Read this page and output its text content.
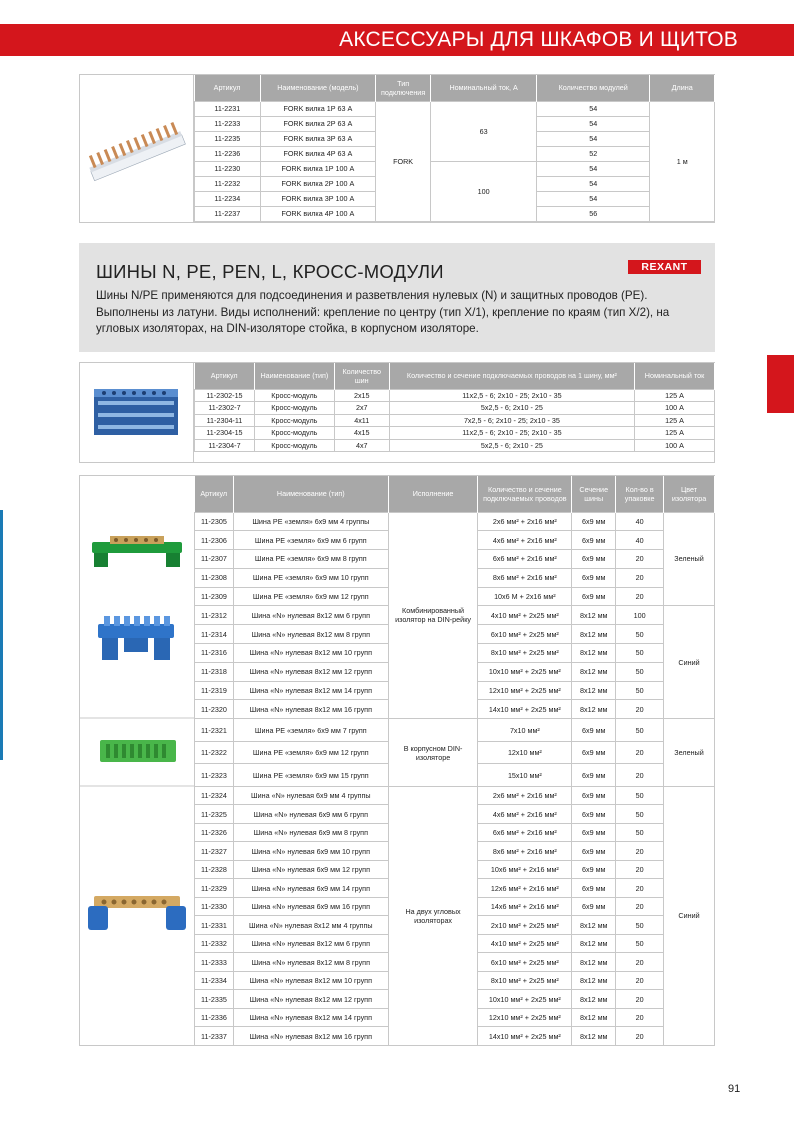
АКСЕССУАРЫ ДЛЯ ШКАФОВ И ЩИТОВ
Артикул	Наименование (модель)	Тип подключения	Номинальный ток, А	Количество модулей	Длина
11-2231	FORK вилка 1Р 63 А	FORK	63	54	1 м
11-2233	FORK вилка 2Р 63 А			54	
11-2235	FORK вилка 3Р 63 А			54	
11-2236	FORK вилка 4Р 63 А			52	
11-2230	FORK вилка 1Р 100 А		100	54	
11-2232	FORK вилка 2Р 100 А			54	
11-2234	FORK вилка 3Р 100 А			54	
11-2237	FORK вилка 4Р 100 А			56	
ШИНЫ N, PE, PEN, L, КРОСС-МОДУЛИ	REXANT

Шины N/PE применяются для подсоединения и разветвления нулевых (N) и защитных проводов (PE). Выполнены из латуни. Виды исполнений: крепление по центру (тип X/1), крепление по краям (тип X/2), на угловых изоляторах, на DIN-изоляторе стойка, в корпусном изоляторе.

Артикул	Наименование (тип)	Количество шин	Количество и сечение подключаемых проводов на 1 шину, мм²	Номинальный ток
11-2302-15	Кросс-модуль	2х15	11х2,5 - 6; 2х10 - 25; 2х10 - 35	125 А
11-2302-7	Кросс-модуль	2х7	5х2,5 - 6; 2х10 - 25	100 А
11-2304-11	Кросс-модуль	4х11	7х2,5 - 6; 2х10 - 25; 2х10 - 35	125 А
11-2304-15	Кросс-модуль	4х15	11х2,5 - 6; 2х10 - 25; 2х10 - 35	125 А
11-2304-7	Кросс-модуль	4х7	5х2,5 - 6; 2х10 - 25	100 А
Артикул	Наименование (тип)	Исполнение	Количество и сечение подключаемых проводов	Сечение шины	Кол-во в упаковке	Цвет изолятора
11-2305	Шина PE «земля» 6х9 мм 4 группы	Комбинированный изолятор на DIN-рейку	2х6 мм² + 2х16 мм²	6х9 мм	40	Зеленый
11-2306	Шина PE «земля» 6х9 мм 6 групп		4х6 мм² + 2х16 мм²	6х9 мм	40	
11-2307	Шина PE «земля» 6х9 мм 8 групп		6х6 мм² + 2х16 мм²	6х9 мм	20	
11-2308	Шина PE «земля» 6х9 мм 10 групп		8х6 мм² + 2х16 мм²	6х9 мм	20	
11-2309	Шина PE «земля» 6х9 мм 12 групп		10х6 М + 2х16 мм²	6х9 мм	20	
11-2312	Шина «N» нулевая 8х12 мм 6 групп		4х10 мм² + 2х25 мм²	8х12 мм	100	Синий
11-2314	Шина «N» нулевая 8х12 мм 8 групп		6х10 мм² + 2х25 мм²	8х12 мм	50	
11-2316	Шина «N» нулевая 8х12 мм 10 групп		8х10 мм² + 2х25 мм²	8х12 мм	50	
11-2318	Шина «N» нулевая 8х12 мм 12 групп		10х10 мм² + 2х25 мм²	8х12 мм	50	
11-2319	Шина «N» нулевая 8х12 мм 14 групп		12х10 мм² + 2х25 мм²	8х12 мм	50	
11-2320	Шина «N» нулевая 8х12 мм 16 групп		14х10 мм² + 2х25 мм²	8х12 мм	20	
11-2321	Шина PE «земля» 6х9 мм 7 групп	В корпусном DIN-изоляторе	7х10 мм²	6х9 мм	50	Зеленый
11-2322	Шина PE «земля» 6х9 мм 12 групп		12х10 мм²	6х9 мм	20	
11-2323	Шина PE «земля» 6х9 мм 15 групп		15х10 мм²	6х9 мм	20	
11-2324	Шина «N» нулевая 6х9 мм 4 группы	На двух угловых изоляторах	2х6 мм² + 2х16 мм²	6х9 мм	50	Синий
11-2325	Шина «N» нулевая 6х9 мм 6 групп		4х6 мм² + 2х16 мм²	6х9 мм	50	
11-2326	Шина «N» нулевая 6х9 мм 8 групп		6х6 мм² + 2х16 мм²	6х9 мм	50	
11-2327	Шина «N» нулевая 6х9 мм 10 групп		8х6 мм² + 2х16 мм²	6х9 мм	20	
11-2328	Шина «N» нулевая 6х9 мм 12 групп		10х6 мм² + 2х16 мм²	6х9 мм	20	
11-2329	Шина «N» нулевая 6х9 мм 14 групп		12х6 мм² + 2х16 мм²	6х9 мм	20	
11-2330	Шина «N» нулевая 6х9 мм 16 групп		14х6 мм² + 2х16 мм²	6х9 мм	20	
11-2331	Шина «N» нулевая 8х12 мм 4 группы		2х10 мм² + 2х25 мм²	8х12 мм	50	
11-2332	Шина «N» нулевая 8х12 мм 6 групп		4х10 мм² + 2х25 мм²	8х12 мм	50	
11-2333	Шина «N» нулевая 8х12 мм 8 групп		6х10 мм² + 2х25 мм²	8х12 мм	20	
11-2334	Шина «N» нулевая 8х12 мм 10 групп		8х10 мм² + 2х25 мм²	8х12 мм	20	
11-2335	Шина «N» нулевая 8х12 мм 12 групп		10х10 мм² + 2х25 мм²	8х12 мм	20	
11-2336	Шина «N» нулевая 8х12 мм 14 групп		12х10 мм² + 2х25 мм²	8х12 мм	20	
11-2337	Шина «N» нулевая 8х12 мм 16 групп		14х10 мм² + 2х25 мм²	8х12 мм	20	
91
